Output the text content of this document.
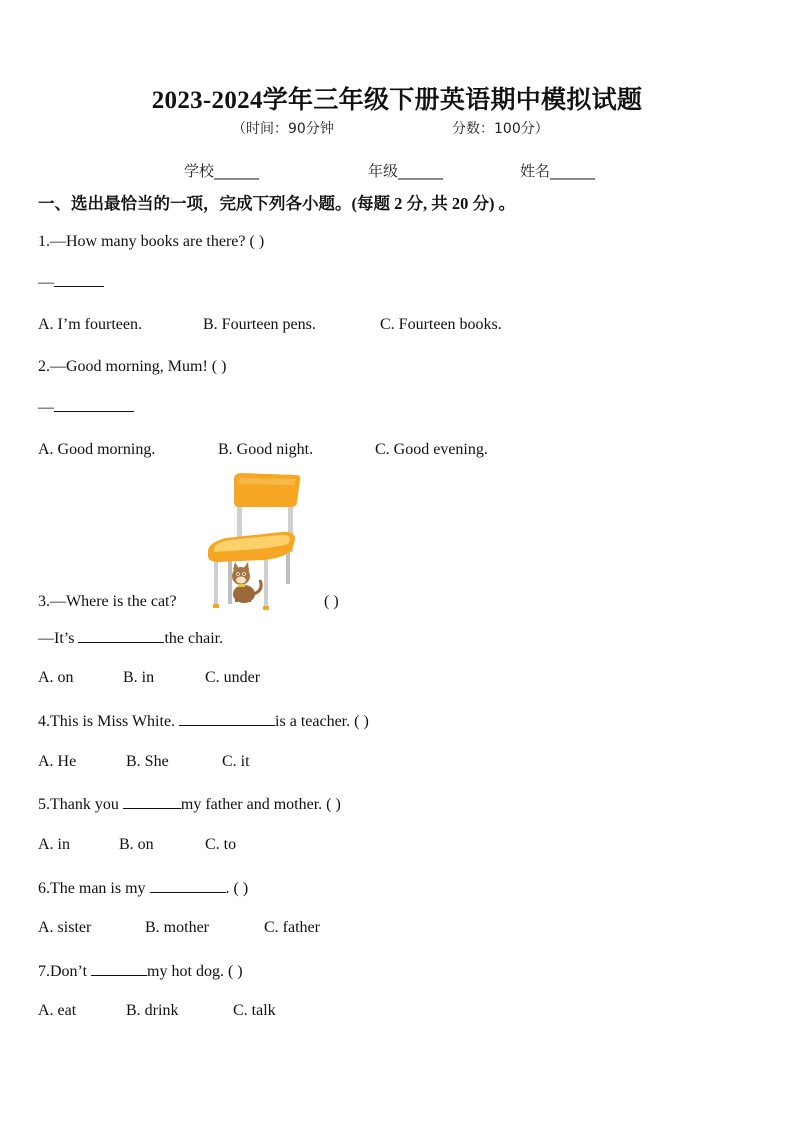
2023-2024学年三年级下册英语期中模拟试题
（时间：90分钟	分数：100分）
学校______	年级______	姓名______
一、选出最恰当的一项，完成下列各小题。(每题 2 分, 共 20 分) 。
1.—How many books are there? ( )
—
A. I’m fourteen.	B. Fourteen pens.	C. Fourteen books.
2.—Good morning, Mum! ( )
—
A. Good morning.	B. Good night.	C. Good evening.
3.—Where is the cat?	( )
—It’s	the chair.
A. on	B. in	C. under
4.This is Miss White.	is a teacher. ( )
A. He	B. She	C. it
5.Thank you	my father and mother. ( )
A. in	B. on	C. to
6.The man is my	. ( )
A. sister	B. mother	C. father
7.Don’t	my hot dog. ( )
A. eat	B. drink	C. talk
